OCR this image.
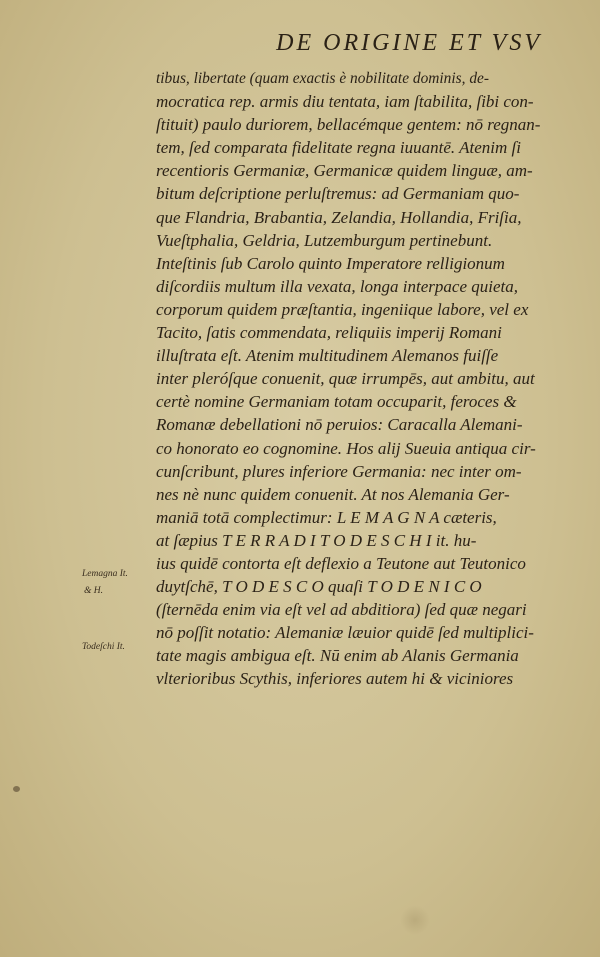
DE ORIGINE ET VSV
tibus, libertate (quam exactis è nobilitate dominis, de-
mocratica rep. armis diu tentata, iam ſtabilita, ſibi con-
ſtituit) paulo duriorem, bellacémque gentem: nō regnan-
tem, ſed comparata fidelitate regna iuuantē. Atenim ſi
recentioris Germaniæ, Germanicæ quidem linguæ, am-
bitum deſcriptione perluſtremus: ad Germaniam quo-
que Flandria, Brabantia, Zelandia, Hollandia, Friſia,
Vueſtphalia, Geldria, Lutzemburgum pertinebunt.
Inteſtinis ſub Carolo quinto Imperatore relligionum
diſcordiis multum illa vexata, longa interpace quieta,
corporum quidem præſtantia, ingeniique labore, vel ex
Tacito, ſatis commendata, reliquiis imperij Romani
illuſtrata eſt. Atenim multitudinem Alemanos fuiſſe
inter pleróſque conuenit, quæ irrumpēs, aut ambitu, aut
certè nomine Germaniam totam occuparit, feroces &
Romanæ debellationi nō peruios: Caracalla Alemani-
co honorato eo cognomine. Hos alij Sueuia antiqua cir-
cunſcribunt, plures inferiore Germania: nec inter om-
nes nè nunc quidem conuenit. At nos Alemania Ger-
maniā totā complectimur: L E M A G N A cæteris,
at ſæpius T E R R A D I T O D E S C H I it. hu-
ius quidē contorta eſt deflexio a Teutone aut Teutonico
duytſchē, T O D E S C O quaſi T O D E N I C O
(ſternēda enim via eſt vel ad abditiora) ſed quæ negari
nō poſſit notatio: Alemaniæ læuior quidē ſed multiplici-
tate magis ambigua eſt. Nū enim ab Alanis Germania
vlterioribus Scythis, inferiores autem hi & viciniores
Lemagna It.
& H.
Todeſchi It.
